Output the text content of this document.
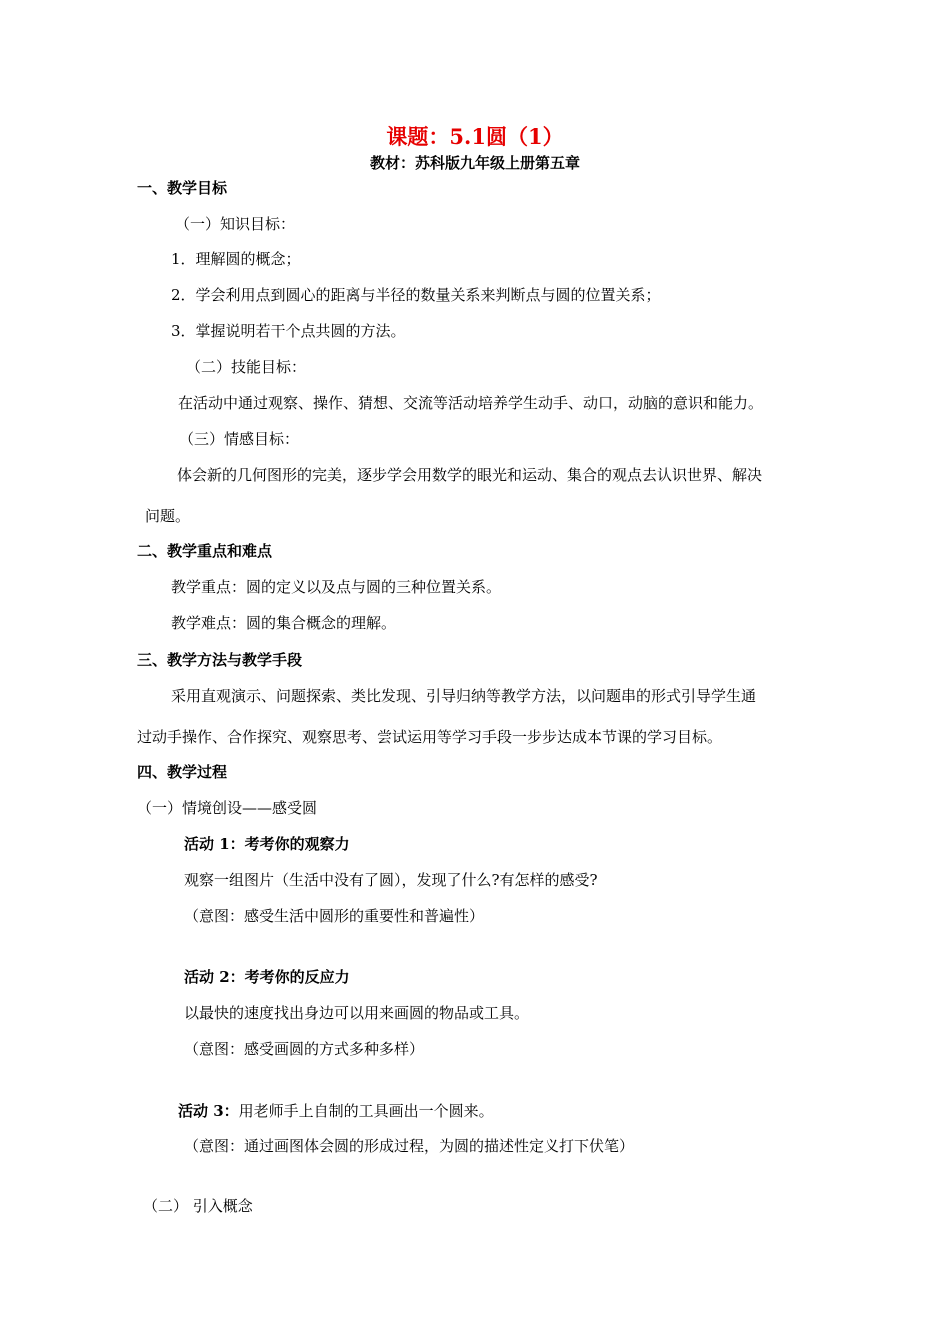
课题：5.1圆（1）
教材：苏科版九年级上册第五章
一、教学目标
（一）知识目标：
1．理解圆的概念；
2．学会利用点到圆心的距离与半径的数量关系来判断点与圆的位置关系；
3．掌握说明若干个点共圆的方法。
（二）技能目标：
在活动中通过观察、操作、猜想、交流等活动培养学生动手、动口，动脑的意识和能力。
（三）情感目标：
体会新的几何图形的完美，逐步学会用数学的眼光和运动、集合的观点去认识世界、解决
问题。
二、教学重点和难点
教学重点：圆的定义以及点与圆的三种位置关系。
教学难点：圆的集合概念的理解。
三、教学方法与教学手段
采用直观演示、问题探索、类比发现、引导归纳等教学方法，以问题串的形式引导学生通
过动手操作、合作探究、观察思考、尝试运用等学习手段一步步达成本节课的学习目标。
四、教学过程
（一）情境创设——感受圆
活动 1：考考你的观察力
观察一组图片（生活中没有了圆），发现了什么?有怎样的感受?
（意图：感受生活中圆形的重要性和普遍性）
活动 2：考考你的反应力
以最快的速度找出身边可以用来画圆的物品或工具。
（意图：感受画圆的方式多种多样）
活动 3：用老师手上自制的工具画出一个圆来。
（意图：通过画图体会圆的形成过程，为圆的描述性定义打下伏笔）
（二） 引入概念
